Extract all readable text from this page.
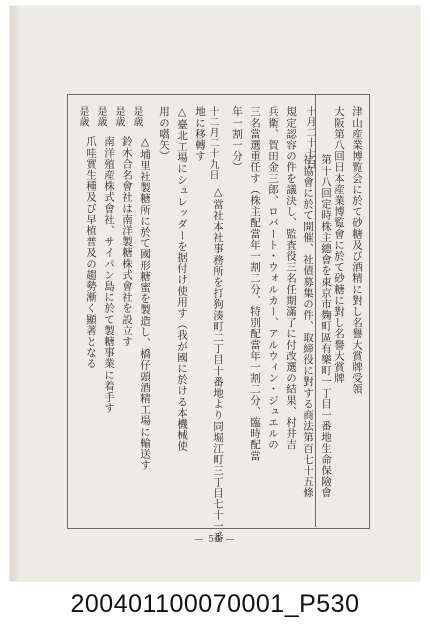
十月二十七日	津山産業博覧会に於て砂糖及び酒精に對し名譽大賞牌受領
大阪第八回日本産業博覧會に於て砂糖に對し名譽大賞牌
第十八回定時株主總會を東京市麹町區有樂町一丁目一番地生命保險會
社協會に於て開催、社債募集の件、取締役に對する商法第百七十五條
規定認容の件を議決し、監査役三名任期滿了に付改選の結果、村井吉
兵衛、賀田金三郎、ロバート・ウォルカー、アルウィン・ジュエルの
三名當選重任す（株主配當年一割二分、特別配當年一割二分、臨時配當
年一割一分）
十二月二十九日
△當社本社事務所を打狗湊町二丁目十番地より同堀江町三丁目七十一番
地に移轉す
△臺北工場にシュレッダーを据付け使用す（我が國に於ける本機械使
用の嚆矢）
是歳
△埔里社製糖所に於て國形糖蜜を製造し、橋仔頭酒精工場に輸送す
是歳
鈴木合名會社は南洋製糖株式會社を設立す
是歳
南洋殖産株式會社、サイパン島に於て製糖事業に着手す
是歳
爪哇實生種及び早植普及の趨勢漸く顯著となる
— 56 —
200401100070001_P530
